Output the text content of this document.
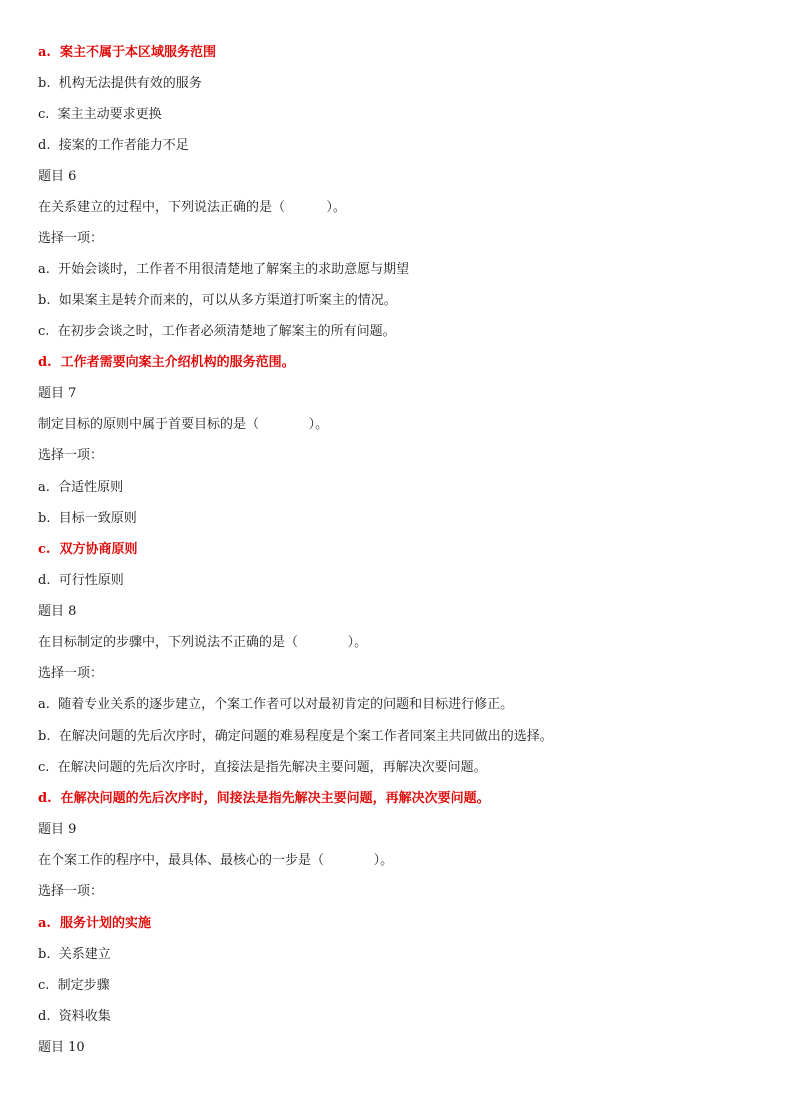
a.  案主不属于本区域服务范围
b.  机构无法提供有效的服务
c.  案主主动要求更换
d.  接案的工作者能力不足
题目 6
在关系建立的过程中，下列说法正确的是（          ）。
选择一项：
a.  开始会谈时，工作者不用很清楚地了解案主的求助意愿与期望
b.  如果案主是转介而来的，可以从多方渠道打听案主的情况。
c.  在初步会谈之时，工作者必须清楚地了解案主的所有问题。
d.  工作者需要向案主介绍机构的服务范围。
题目 7
制定目标的原则中属于首要目标的是（            ）。
选择一项：
a.  合适性原则
b.  目标一致原则
c.  双方协商原则
d.  可行性原则
题目 8
在目标制定的步骤中，下列说法不正确的是（            ）。
选择一项：
a.  随着专业关系的逐步建立，个案工作者可以对最初肯定的问题和目标进行修正。
b.  在解决问题的先后次序时，确定问题的难易程度是个案工作者同案主共同做出的选择。
c.  在解决问题的先后次序时，直接法是指先解决主要问题，再解决次要问题。
d.  在解决问题的先后次序时，间接法是指先解决主要问题，再解决次要问题。
题目 9
在个案工作的程序中，最具体、最核心的一步是（            ）。
选择一项：
a.  服务计划的实施
b.  关系建立
c.  制定步骤
d.  资料收集
题目 10
